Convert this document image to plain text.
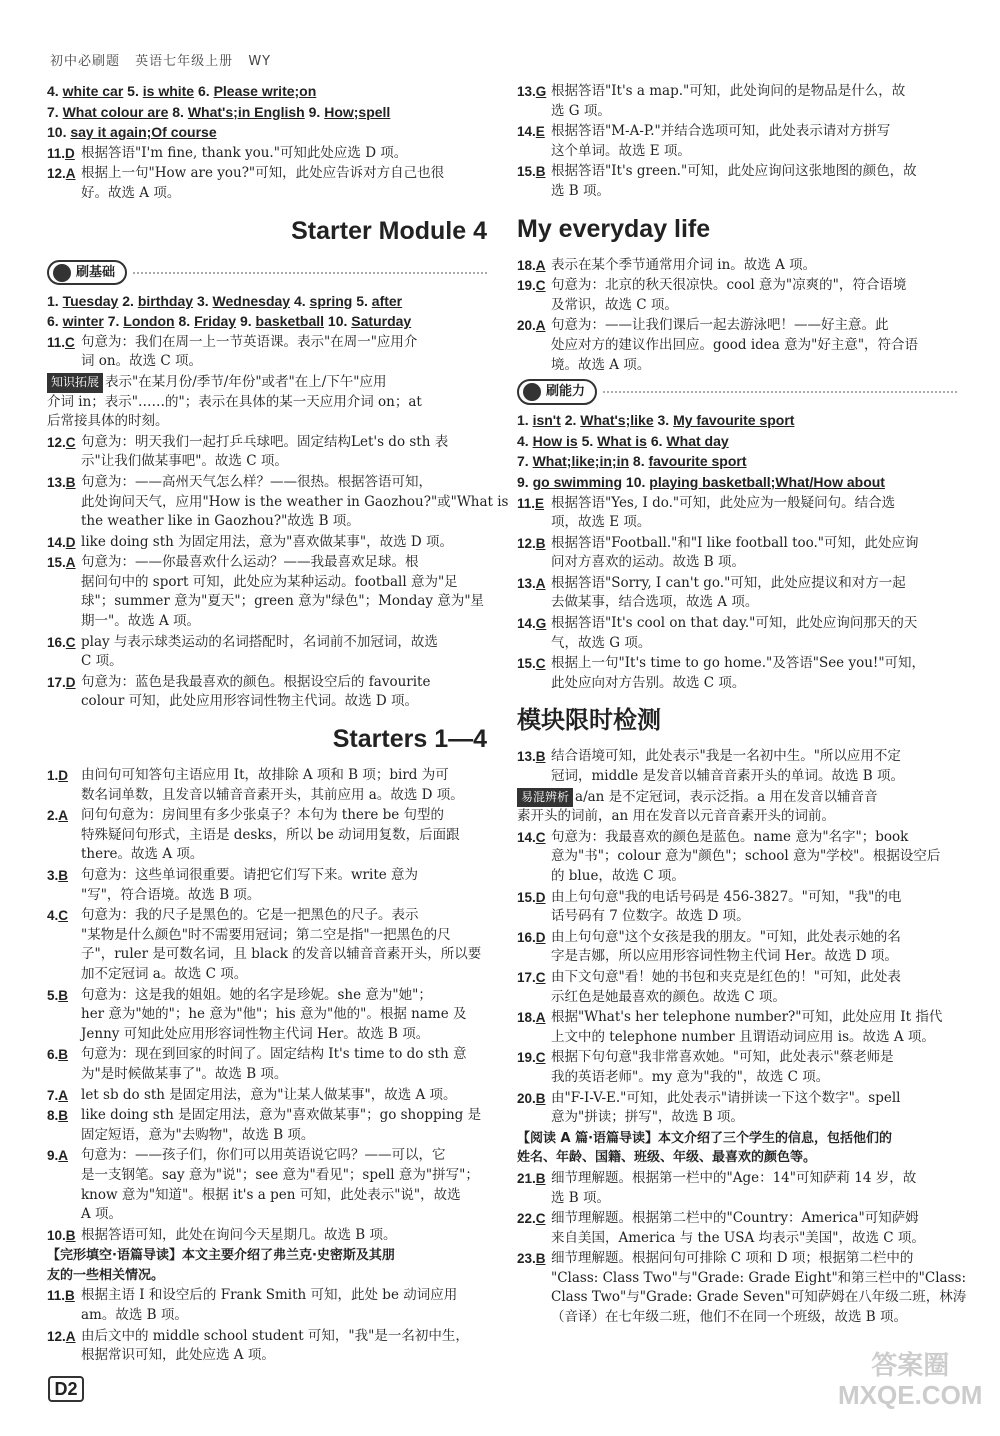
初中必刷题 英语七年级上册 WY
4. white car 5. is white 6. Please write;on
7. What colour are 8. What's;in English 9. How;spell
10. say it again;Of course
11.D 根据答语"I'm fine, thank you."可知此处应选 D 项。
12.A 根据上一句"How are you?"可知，此处应告诉对方自己也很
好。故选 A 项。
Starter Module 4
刷基础
1. Tuesday 2. birthday 3. Wednesday 4. spring 5. after
6. winter 7. London 8. Friday 9. basketball 10. Saturday
11.C 句意为：我们在周一上一节英语课。表示"在周一"应用介
词 on。故选 C 项。
知识拓展 表示"在某月份/季节/年份"或者"在上/下午"应用
介词 in；表示"……的"；表示在具体的某一天应用介词 on；at
后常接具体的时刻。
12.C 句意为：明天我们一起打乒乓球吧。固定结构Let's do sth 表
示"让我们做某事吧"。故选 C 项。
13.B 句意为：——高州天气怎么样？——很热。根据答语可知，
此处询问天气，应用"How is the weather in Gaozhou?"或"What is
the weather like in Gaozhou?"故选 B 项。
14.D like doing sth 为固定用法，意为"喜欢做某事"，故选 D 项。
15.A 句意为：——你最喜欢什么运动？——我最喜欢足球。根
据问句中的 sport 可知，此处应为某种运动。football 意为"足
球"；summer 意为"夏天"；green 意为"绿色"；Monday 意为"星
期一"。故选 A 项。
16.C play 与表示球类运动的名词搭配时，名词前不加冠词，故选
C 项。
17.D 句意为：蓝色是我最喜欢的颜色。根据设空后的 favourite
colour 可知，此处应用形容词性物主代词。故选 D 项。
Starters 1—4
1.D 由问句可知答句主语应用 It，故排除 A 项和 B 项；bird 为可
数名词单数，且发音以辅音音素开头，其前应用 a。故选 D 项。
2.A 问句句意为：房间里有多少张桌子？本句为 there be 句型的
特殊疑问句形式，主语是 desks，所以 be 动词用复数，后面跟
there。故选 A 项。
3.B 句意为：这些单词很重要。请把它们写下来。write 意为
"写"，符合语境。故选 B 项。
4.C 句意为：我的尺子是黑色的。它是一把黑色的尺子。表示
"某物是什么颜色"时不需要用冠词；第二空是指"一把黑色的尺
子"，ruler 是可数名词，且 black 的发音以辅音音素开头，所以要
加不定冠词 a。故选 C 项。
5.B 句意为：这是我的姐姐。她的名字是珍妮。she 意为"她"；
her 意为"她的"；he 意为"他"；his 意为"他的"。根据 name 及
Jenny 可知此处应用形容词性物主代词 Her。故选 B 项。
6.B 句意为：现在到回家的时间了。固定结构 It's time to do sth 意
为"是时候做某事了"。故选 B 项。
7.A let sb do sth 是固定用法，意为"让某人做某事"，故选 A 项。
8.B like doing sth 是固定用法，意为"喜欢做某事"；go shopping 是
固定短语，意为"去购物"，故选 B 项。
9.A 句意为：——孩子们，你们可以用英语说它吗？——可以，它
是一支钢笔。say 意为"说"；see 意为"看见"；spell 意为"拼写"；
know 意为"知道"。根据 it's a pen 可知，此处表示"说"，故选
A 项。
10.B 根据答语可知，此处在询问今天星期几。故选 B 项。
【完形填空·语篇导读】本文主要介绍了弗兰克·史密斯及其朋
友的一些相关情况。
11.B 根据主语 I 和设空后的 Frank Smith 可知，此处 be 动词应用
am。故选 B 项。
12.A 由后文中的 middle school student 可知，"我"是一名初中生，
根据常识可知，此处应选 A 项。
13.G 根据答语"It's a map."可知，此处询问的是物品是什么，故
选 G 项。
14.E 根据答语"M-A-P."并结合选项可知，此处表示请对方拼写
这个单词。故选 E 项。
15.B 根据答语"It's green."可知，此处应询问这张地图的颜色，故
选 B 项。
My everyday life
18.A 表示在某个季节通常用介词 in。故选 A 项。
19.C 句意为：北京的秋天很凉快。cool 意为"凉爽的"，符合语境
及常识，故选 C 项。
20.A 句意为：——让我们课后一起去游泳吧！——好主意。此
处应对方的建议作出回应。good idea 意为"好主意"，符合语
境。故选 A 项。
刷能力
1. isn't 2. What's;like 3. My favourite sport
4. How is 5. What is 6. What day
7. What;like;in;in 8. favourite sport
9. go swimming 10. playing basketball;What/How about
11.E 根据答语"Yes, I do."可知，此处应为一般疑问句。结合选
项，故选 E 项。
12.B 根据答语"Football."和"I like football too."可知，此处应询
问对方喜欢的运动。故选 B 项。
13.A 根据答语"Sorry, I can't go."可知，此处应提议和对方一起
去做某事，结合选项，故选 A 项。
14.G 根据答语"It's cool on that day."可知，此处应询问那天的天
气，故选 G 项。
15.C 根据上一句"It's time to go home."及答语"See you!"可知，
此处应向对方告别。故选 C 项。
模块限时检测
13.B 结合语境可知，此处表示"我是一名初中生。"所以应用不定
冠词，middle 是发音以辅音音素开头的单词。故选 B 项。
易混辨析 a/an 是不定冠词，表示泛指。a 用在发音以辅音音
素开头的词前，an 用在发音以元音音素开头的词前。
14.C 句意为：我最喜欢的颜色是蓝色。name 意为"名字"；book
意为"书"；colour 意为"颜色"；school 意为"学校"。根据设空后
的 blue，故选 C 项。
15.D 由上句句意"我的电话号码是 456-3827。"可知，"我"的电
话号码有 7 位数字。故选 D 项。
16.D 由上句句意"这个女孩是我的朋友。"可知，此处表示她的名
字是吉娜，所以应用形容词性物主代词 Her。故选 D 项。
17.C 由下文句意"看！她的书包和夹克是红色的！"可知，此处表
示红色是她最喜欢的颜色。故选 C 项。
18.A 根据"What's her telephone number?"可知，此处应用 It 指代
上文中的 telephone number 且谓语动词应用 is。故选 A 项。
19.C 根据下句句意"我非常喜欢她。"可知，此处表示"蔡老师是
我的英语老师"。my 意为"我的"，故选 C 项。
20.B 由"F-I-V-E."可知，此处表示"请拼读一下这个数字"。spell
意为"拼读；拼写"，故选 B 项。
【阅读 A 篇·语篇导读】本文介绍了三个学生的信息，包括他们的
姓名、年龄、国籍、班级、年级、最喜欢的颜色等。
21.B 细节理解题。根据第一栏中的"Age：14"可知萨莉 14 岁，故
选 B 项。
22.C 细节理解题。根据第二栏中的"Country：America"可知萨姆
来自美国，America 与 the USA 均表示"美国"，故选 C 项。
23.B 细节理解题。根据问句可排除 C 项和 D 项；根据第二栏中的
"Class: Class Two"与"Grade: Grade Eight"和第三栏中的"Class:
Class Two"与"Grade: Grade Seven"可知萨姆在八年级二班，林涛
（音译）在七年级二班，他们不在同一个班级，故选 B 项。
D2
答案圈
MXQE.COM
